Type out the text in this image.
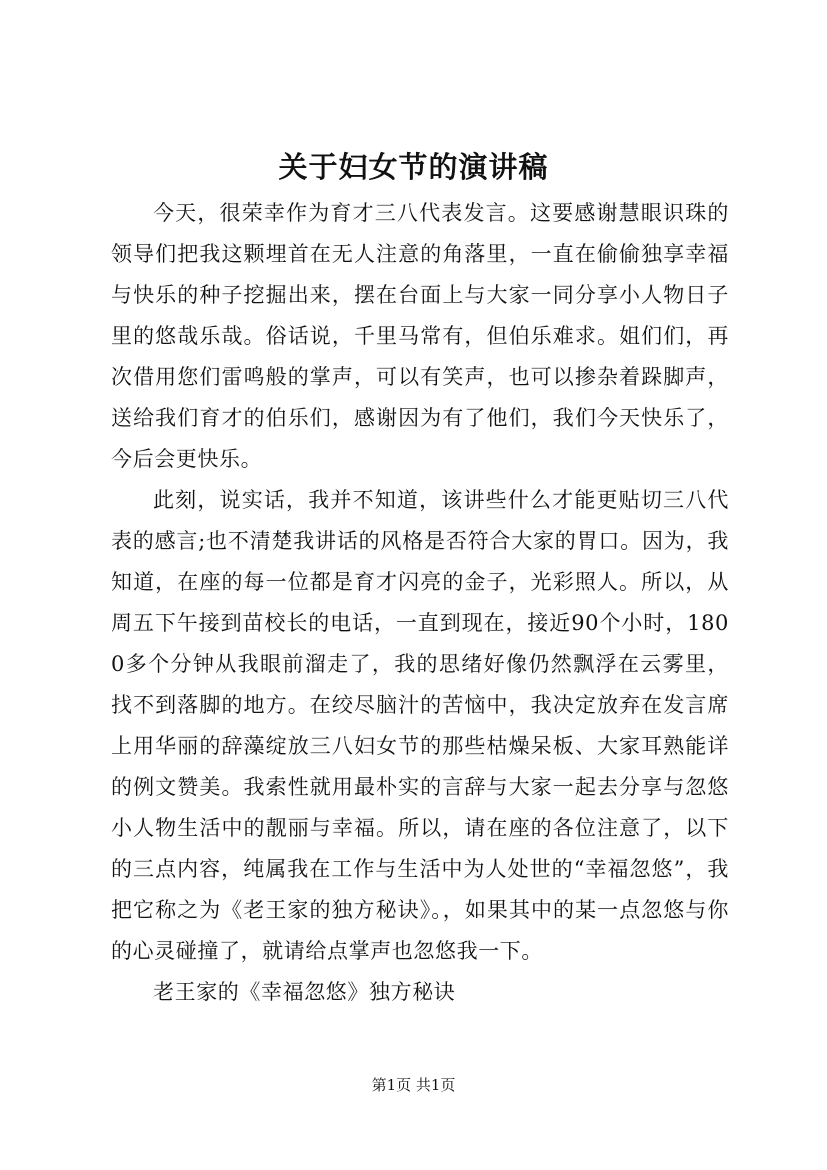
关于妇女节的演讲稿

今天，很荣幸作为育才三八代表发言。这要感谢慧眼识珠的领导们把我这颗埋首在无人注意的角落里，一直在偷偷独享幸福与快乐的种子挖掘出来，摆在台面上与大家一同分享小人物日子里的悠哉乐哉。俗话说，千里马常有，但伯乐难求。姐们们，再次借用您们雷鸣般的掌声，可以有笑声，也可以掺杂着跺脚声，送给我们育才的伯乐们，感谢因为有了他们，我们今天快乐了，今后会更快乐。

此刻，说实话，我并不知道，该讲些什么才能更贴切三八代表的感言;也不清楚我讲话的风格是否符合大家的胃口。因为，我知道，在座的每一位都是育才闪亮的金子，光彩照人。所以，从周五下午接到苗校长的电话，一直到现在，接近90个小时，1800多个分钟从我眼前溜走了，我的思绪好像仍然飘浮在云雾里，找不到落脚的地方。在绞尽脑汁的苦恼中，我决定放弃在发言席上用华丽的辞藻绽放三八妇女节的那些枯燥呆板、大家耳熟能详的例文赞美。我索性就用最朴实的言辞与大家一起去分享与忽悠小人物生活中的靓丽与幸福。所以，请在座的各位注意了，以下的三点内容，纯属我在工作与生活中为人处世的“幸福忽悠”，我把它称之为《老王家的独方秘诀》。，如果其中的某一点忽悠与你的心灵碰撞了，就请给点掌声也忽悠我一下。

老王家的《幸福忽悠》独方秘诀

第1页 共1页
